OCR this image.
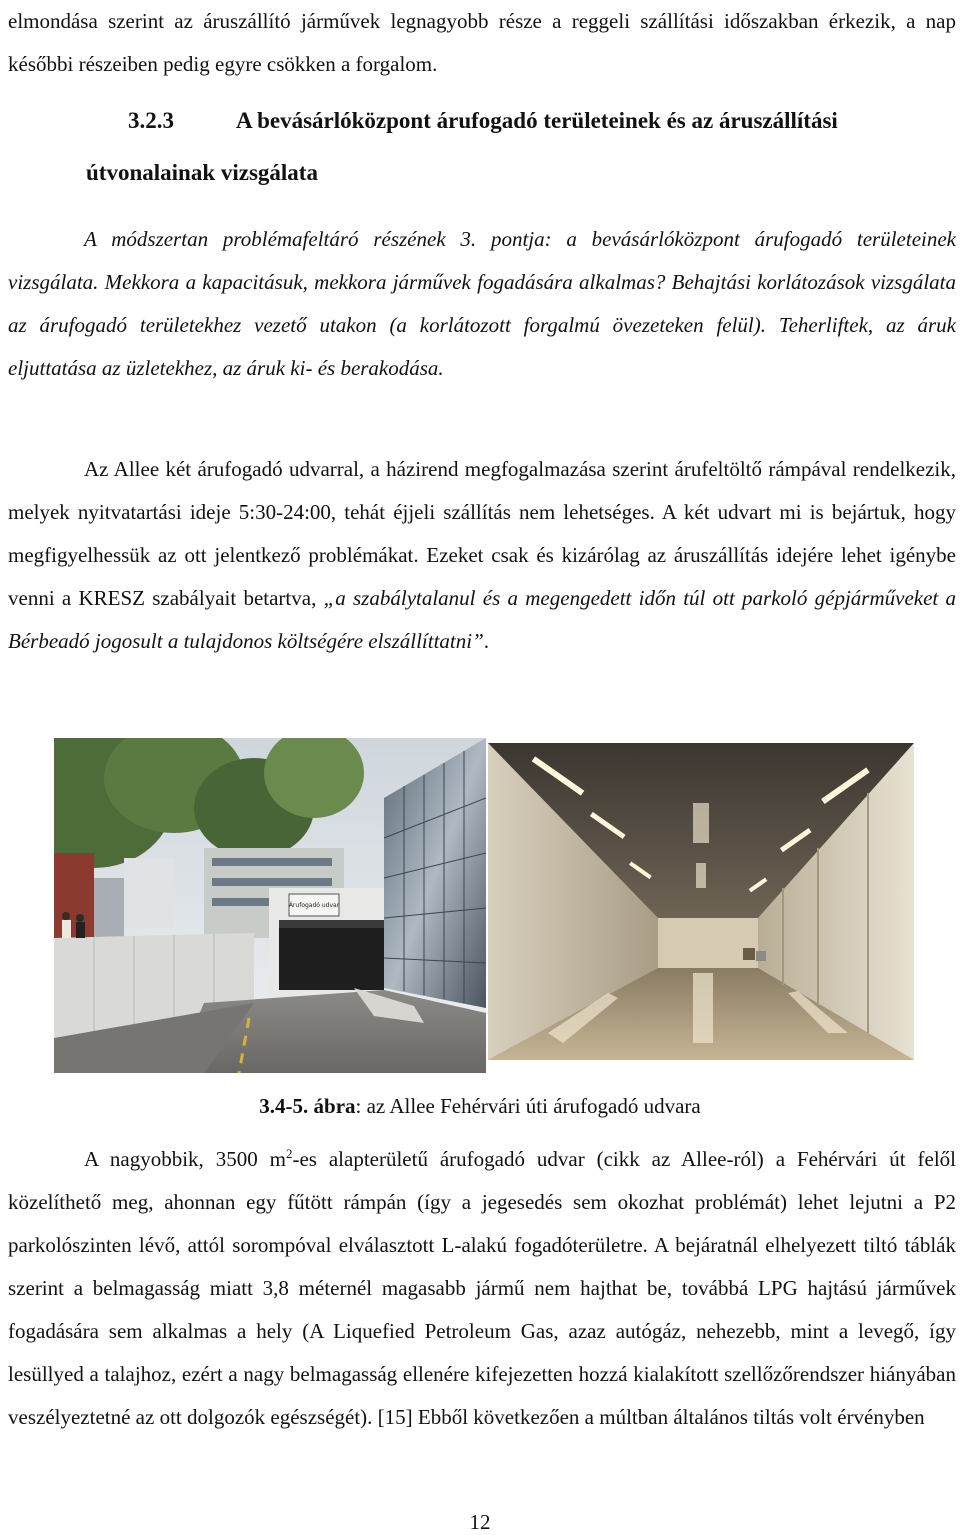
elmondása szerint az áruszállító járművek legnagyobb része a reggeli szállítási időszakban érkezik, a nap későbbi részeiben pedig egyre csökken a forgalom.

3.2.3	A bevásárlóközpont árufogadó területeinek és az áruszállítási útvonalainak vizsgálata

A módszertan problémafeltáró részének 3. pontja: a bevásárlóközpont árufogadó területeinek vizsgálata. Mekkora a kapacitásuk, mekkora járművek fogadására alkalmas? Behajtási korlátozások vizsgálata az árufogadó területekhez vezető utakon (a korlátozott forgalmú övezeteken felül). Teherliftek, az áruk eljuttatása az üzletekhez, az áruk ki- és berakodása.

Az Allee két árufogadó udvarral, a házirend megfogalmazása szerint árufeltöltő rámpával rendelkezik, melyek nyitvatartási ideje 5:30-24:00, tehát éjjeli szállítás nem lehetséges. A két udvart mi is bejártuk, hogy megfigyelhessük az ott jelentkező problémákat. Ezeket csak és kizárólag az áruszállítás idejére lehet igénybe venni a KRESZ szabályait betartva, „a szabálytalanul és a megengedett időn túl ott parkoló gépjárműveket a Bérbeadó jogosult a tulajdonos költségére elszállíttatni”.

Árufogadó udvar
3.4-5. ábra: az Allee Fehérvári úti árufogadó udvara

A nagyobbik, 3500 $m^2-es$ alapterületű árufogadó udvar (cikk az Allee-ról) a Fehérvári út felől közelíthető meg, ahonnan egy fűtött rámpán (így a jegesedés sem okozhat problémát) lehet lejutni a P2 parkolószinten lévő, attól sorompóval elválasztott L-alakú fogadóterületre. A bejáratnál elhelyezett tiltó táblák szerint a belmagasság miatt 3,8 méternél magasabb jármű nem hajthat be, továbbá LPG hajtású járművek fogadására sem alkalmas a hely (A Liquefied Petroleum Gas, azaz autógáz, nehezebb, mint a levegő, így lesüllyed a talajhoz, ezért a nagy belmagasság ellenére kifejezetten hozzá kialakított szellőzőrendszer hiányában veszélyeztetné az ott dolgozók egészségét). [15] Ebből következően a múltban általános tiltás volt érvényben

12
